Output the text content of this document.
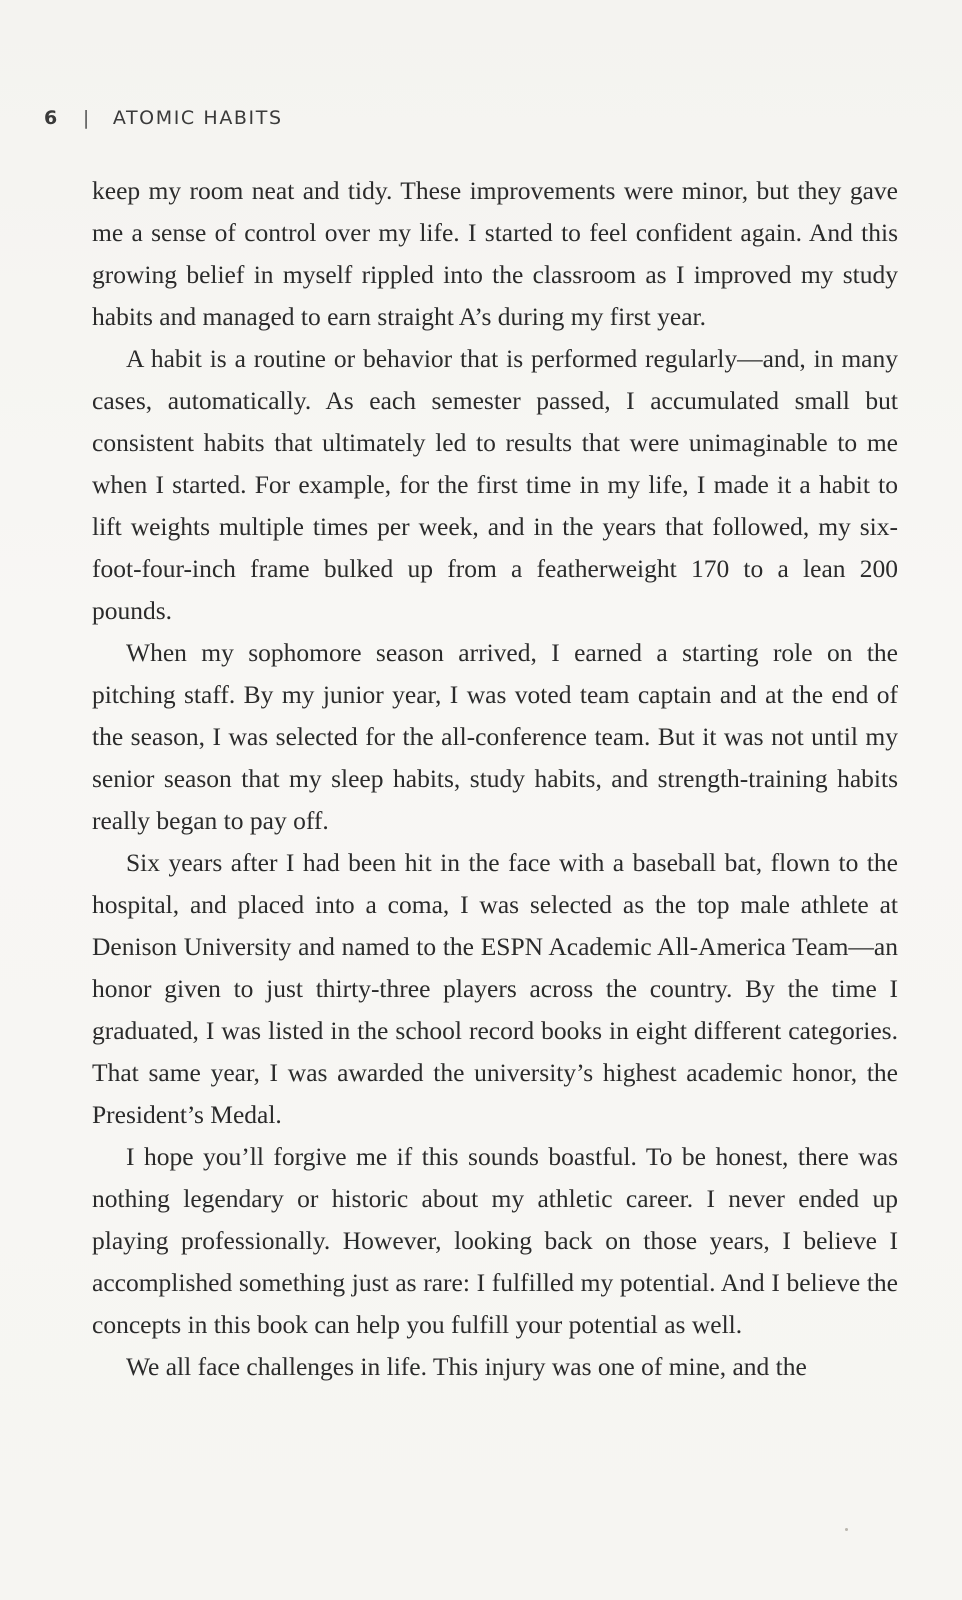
6 | ATOMIC HABITS

keep my room neat and tidy. These improvements were minor, but they gave me a sense of control over my life. I started to feel confident again. And this growing belief in myself rippled into the classroom as I improved my study habits and managed to earn straight A’s during my first year.

A habit is a routine or behavior that is performed regularly—and, in many cases, automatically. As each semester passed, I accumulated small but consistent habits that ultimately led to results that were unimaginable to me when I started. For example, for the first time in my life, I made it a habit to lift weights multiple times per week, and in the years that followed, my six-foot-four-inch frame bulked up from a featherweight 170 to a lean 200 pounds.

When my sophomore season arrived, I earned a starting role on the pitching staff. By my junior year, I was voted team captain and at the end of the season, I was selected for the all-conference team. But it was not until my senior season that my sleep habits, study habits, and strength-training habits really began to pay off.

Six years after I had been hit in the face with a baseball bat, flown to the hospital, and placed into a coma, I was selected as the top male athlete at Denison University and named to the ESPN Academic All-America Team—an honor given to just thirty-three players across the country. By the time I graduated, I was listed in the school record books in eight different categories. That same year, I was awarded the university’s highest academic honor, the President’s Medal.

I hope you’ll forgive me if this sounds boastful. To be honest, there was nothing legendary or historic about my athletic career. I never ended up playing professionally. However, looking back on those years, I believe I accomplished something just as rare: I fulfilled my potential. And I believe the concepts in this book can help you fulfill your potential as well.

We all face challenges in life. This injury was one of mine, and the
